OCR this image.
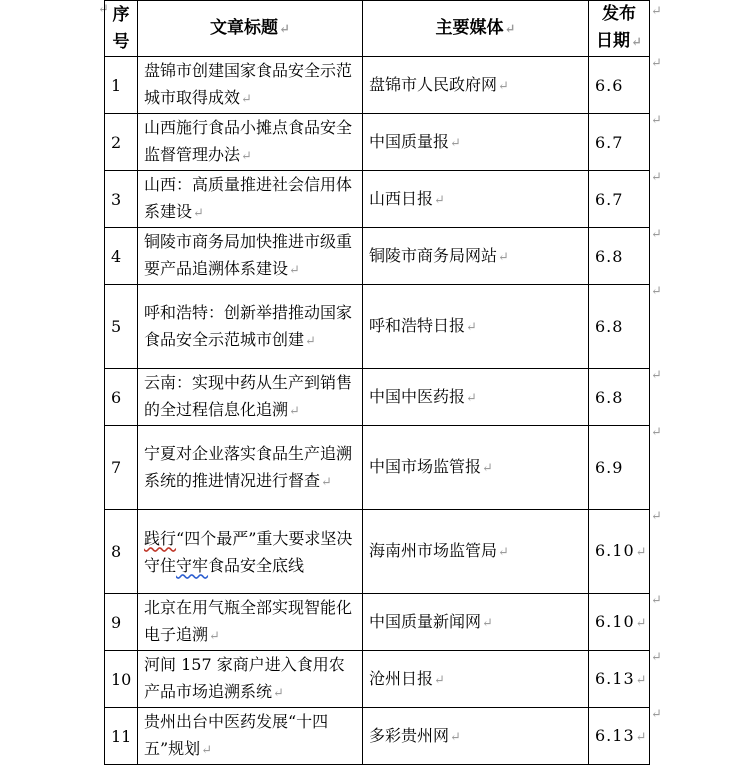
↵ 序号	文章标题↵	主要媒体↵	发布日期↵
1	盘锦市创建国家食品安全示范城市取得成效↵	盘锦市人民政府网↵	6.6
2	山西施行食品小摊点食品安全监督管理办法↵	中国质量报↵	6.7
3	山西：高质量推进社会信用体系建设↵	山西日报↵	6.7
4	铜陵市商务局加快推进市级重要产品追溯体系建设↵	铜陵市商务局网站↵	6.8
5	呼和浩特：创新举措推动国家食品安全示范城市创建↵	呼和浩特日报↵	6.8
6	云南：实现中药从生产到销售的全过程信息化追溯↵	中国中医药报↵	6.8
7	宁夏对企业落实食品生产追溯系统的推进情况进行督查↵	中国市场监管报↵	6.9
8	践行“四个最严”重大要求坚决守住守牢食品安全底线	海南州市场监管局↵	6.10↵
9	北京在用气瓶全部实现智能化电子追溯↵	中国质量新闻网↵	6.10↵
10	河间 157 家商户进入食用农产品市场追溯系统↵	沧州日报↵	6.13↵
11	贵州出台中医药发展“十四五”规划↵	多彩贵州网↵	6.13↵
↵
↵
↵
↵
↵
↵
↵
↵
↵
↵
↵
↵
